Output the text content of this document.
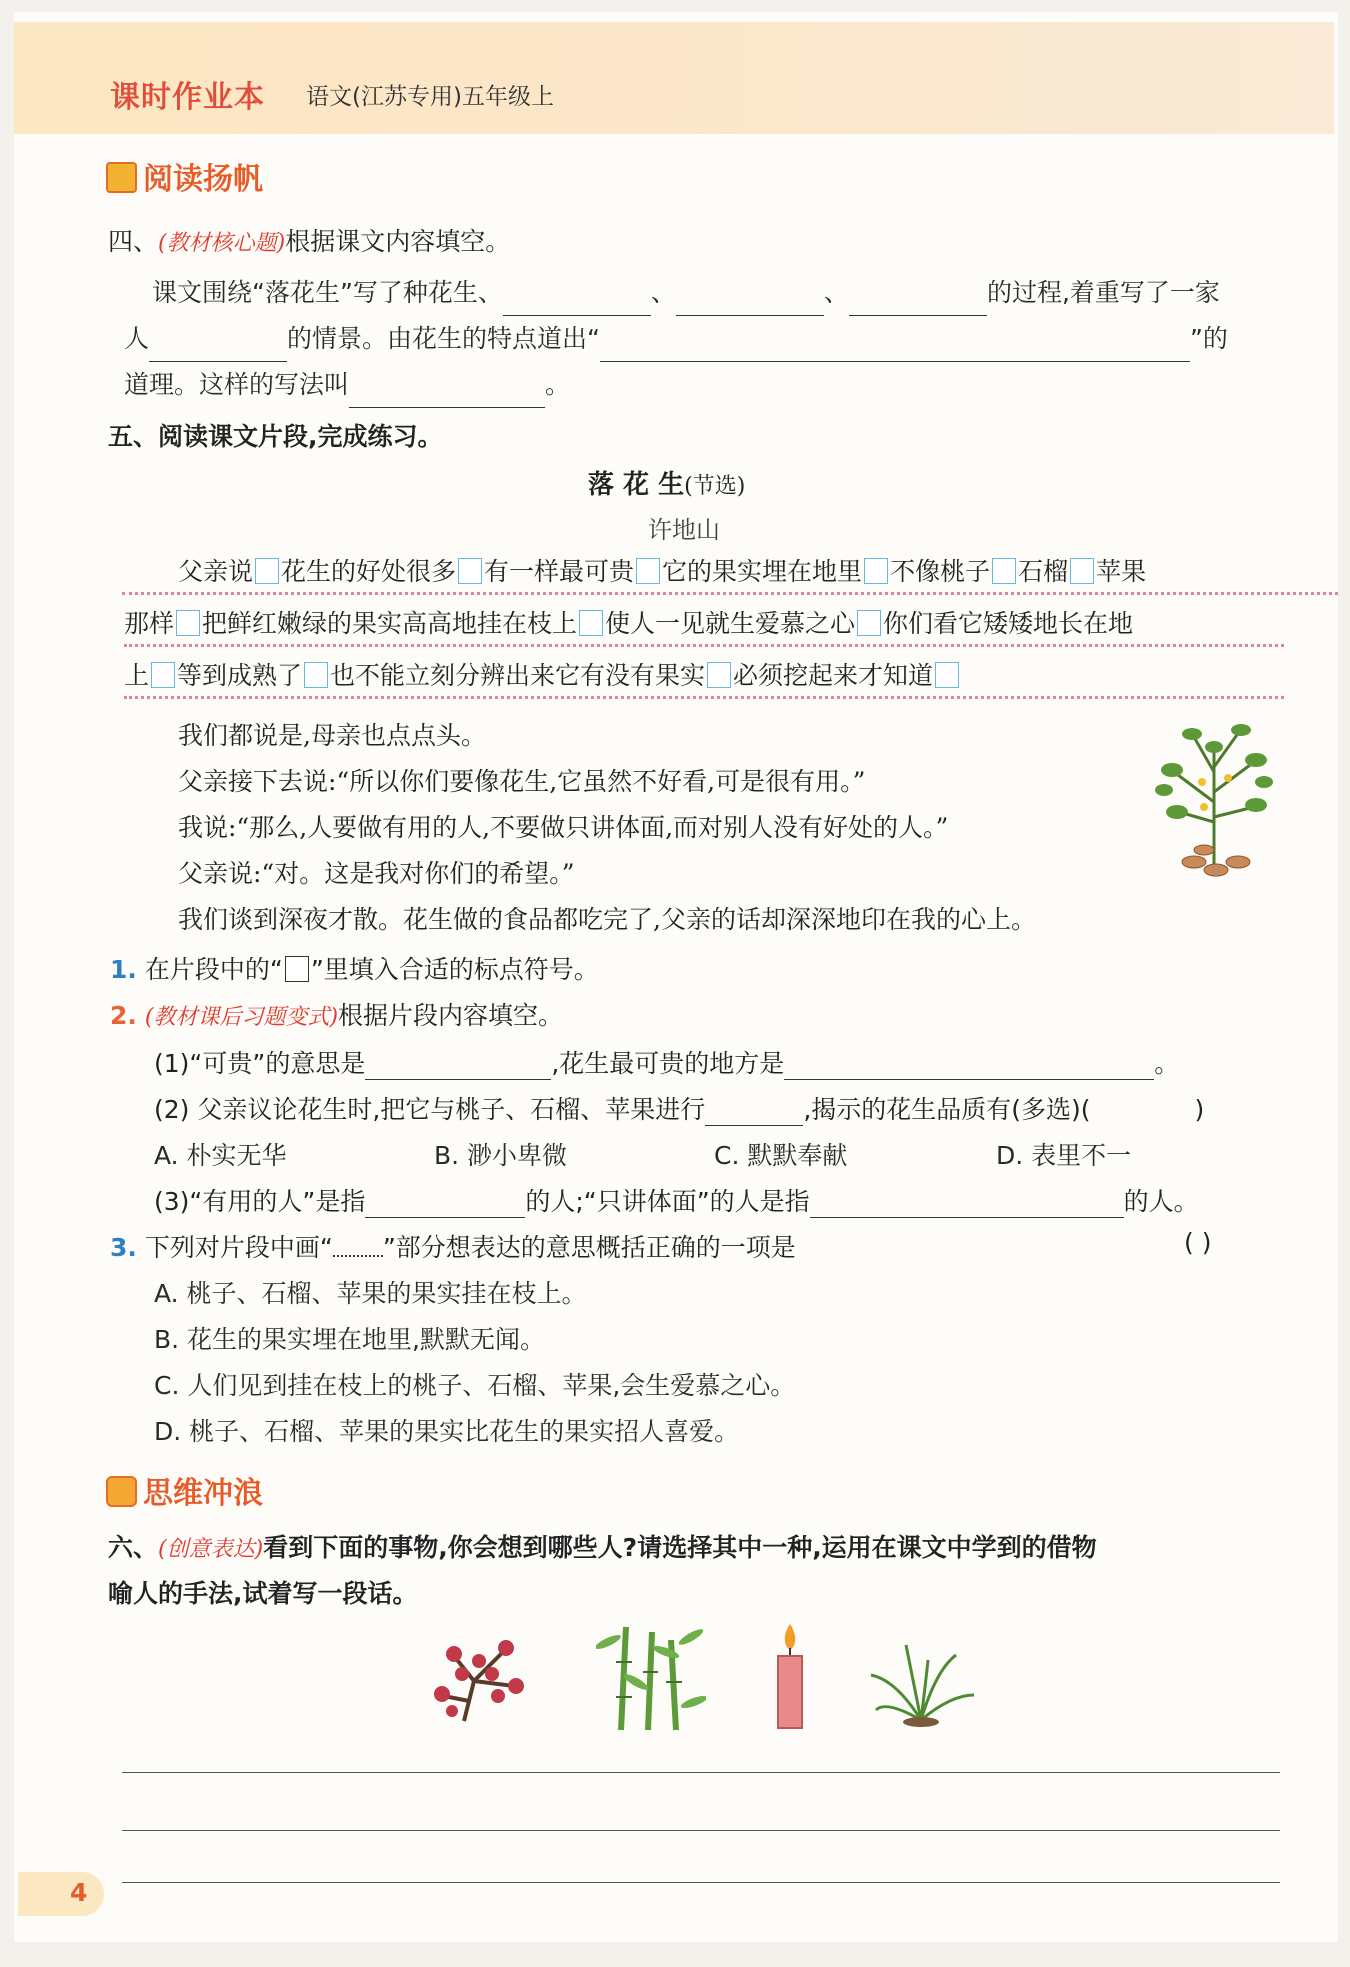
课时作业本 语文(江苏专用)五年级上
阅读扬帆
四、(教材核心题)根据课文内容填空。
课文围绕“落花生”写了种花生、	、	、	的过程,着重写了一家
人	的情景。由花生的特点道出“	”的
道理。这样的写法叫	。
五、阅读课文片段,完成练习。
落 花 生(节选)
许地山
父亲说 花生的好处很多 有一样最可贵 它的果实埋在地里 不像桃子 石榴 苹果
那样 把鲜红嫩绿的果实高高地挂在枝上 使人一见就生爱慕之心 你们看它矮矮地长在地
上 等到成熟了 也不能立刻分辨出来它有没有果实 必须挖起来才知道
我们都说是,母亲也点点头。
父亲接下去说:“所以你们要像花生,它虽然不好看,可是很有用。”
我说:“那么,人要做有用的人,不要做只讲体面,而对别人没有好处的人。”
父亲说:“对。这是我对你们的希望。”
我们谈到深夜才散。花生做的食品都吃完了,父亲的话却深深地印在我的心上。
1. 在片段中的“ ”里填入合适的标点符号。
2. (教材课后习题变式)根据片段内容填空。
(1)“可贵”的意思是	,花生最可贵的地方是	。
(2) 父亲议论花生时,把它与桃子、石榴、苹果进行	,揭示的花生品质有(多选)(	)
A. 朴实无华	B. 渺小卑微	C. 默默奉献	D. 表里不一
(3)“有用的人”是指	的人;“只讲体面”的人是指	的人。
3. 下列对片段中画“ ”部分想表达的意思概括正确的一项是	( )
A. 桃子、石榴、苹果的果实挂在枝上。
B. 花生的果实埋在地里,默默无闻。
C. 人们见到挂在枝上的桃子、石榴、苹果,会生爱慕之心。
D. 桃子、石榴、苹果的果实比花生的果实招人喜爱。
思维冲浪
六、(创意表达)看到下面的事物,你会想到哪些人?请选择其中一种,运用在课文中学到的借物
喻人的手法,试着写一段话。
4
